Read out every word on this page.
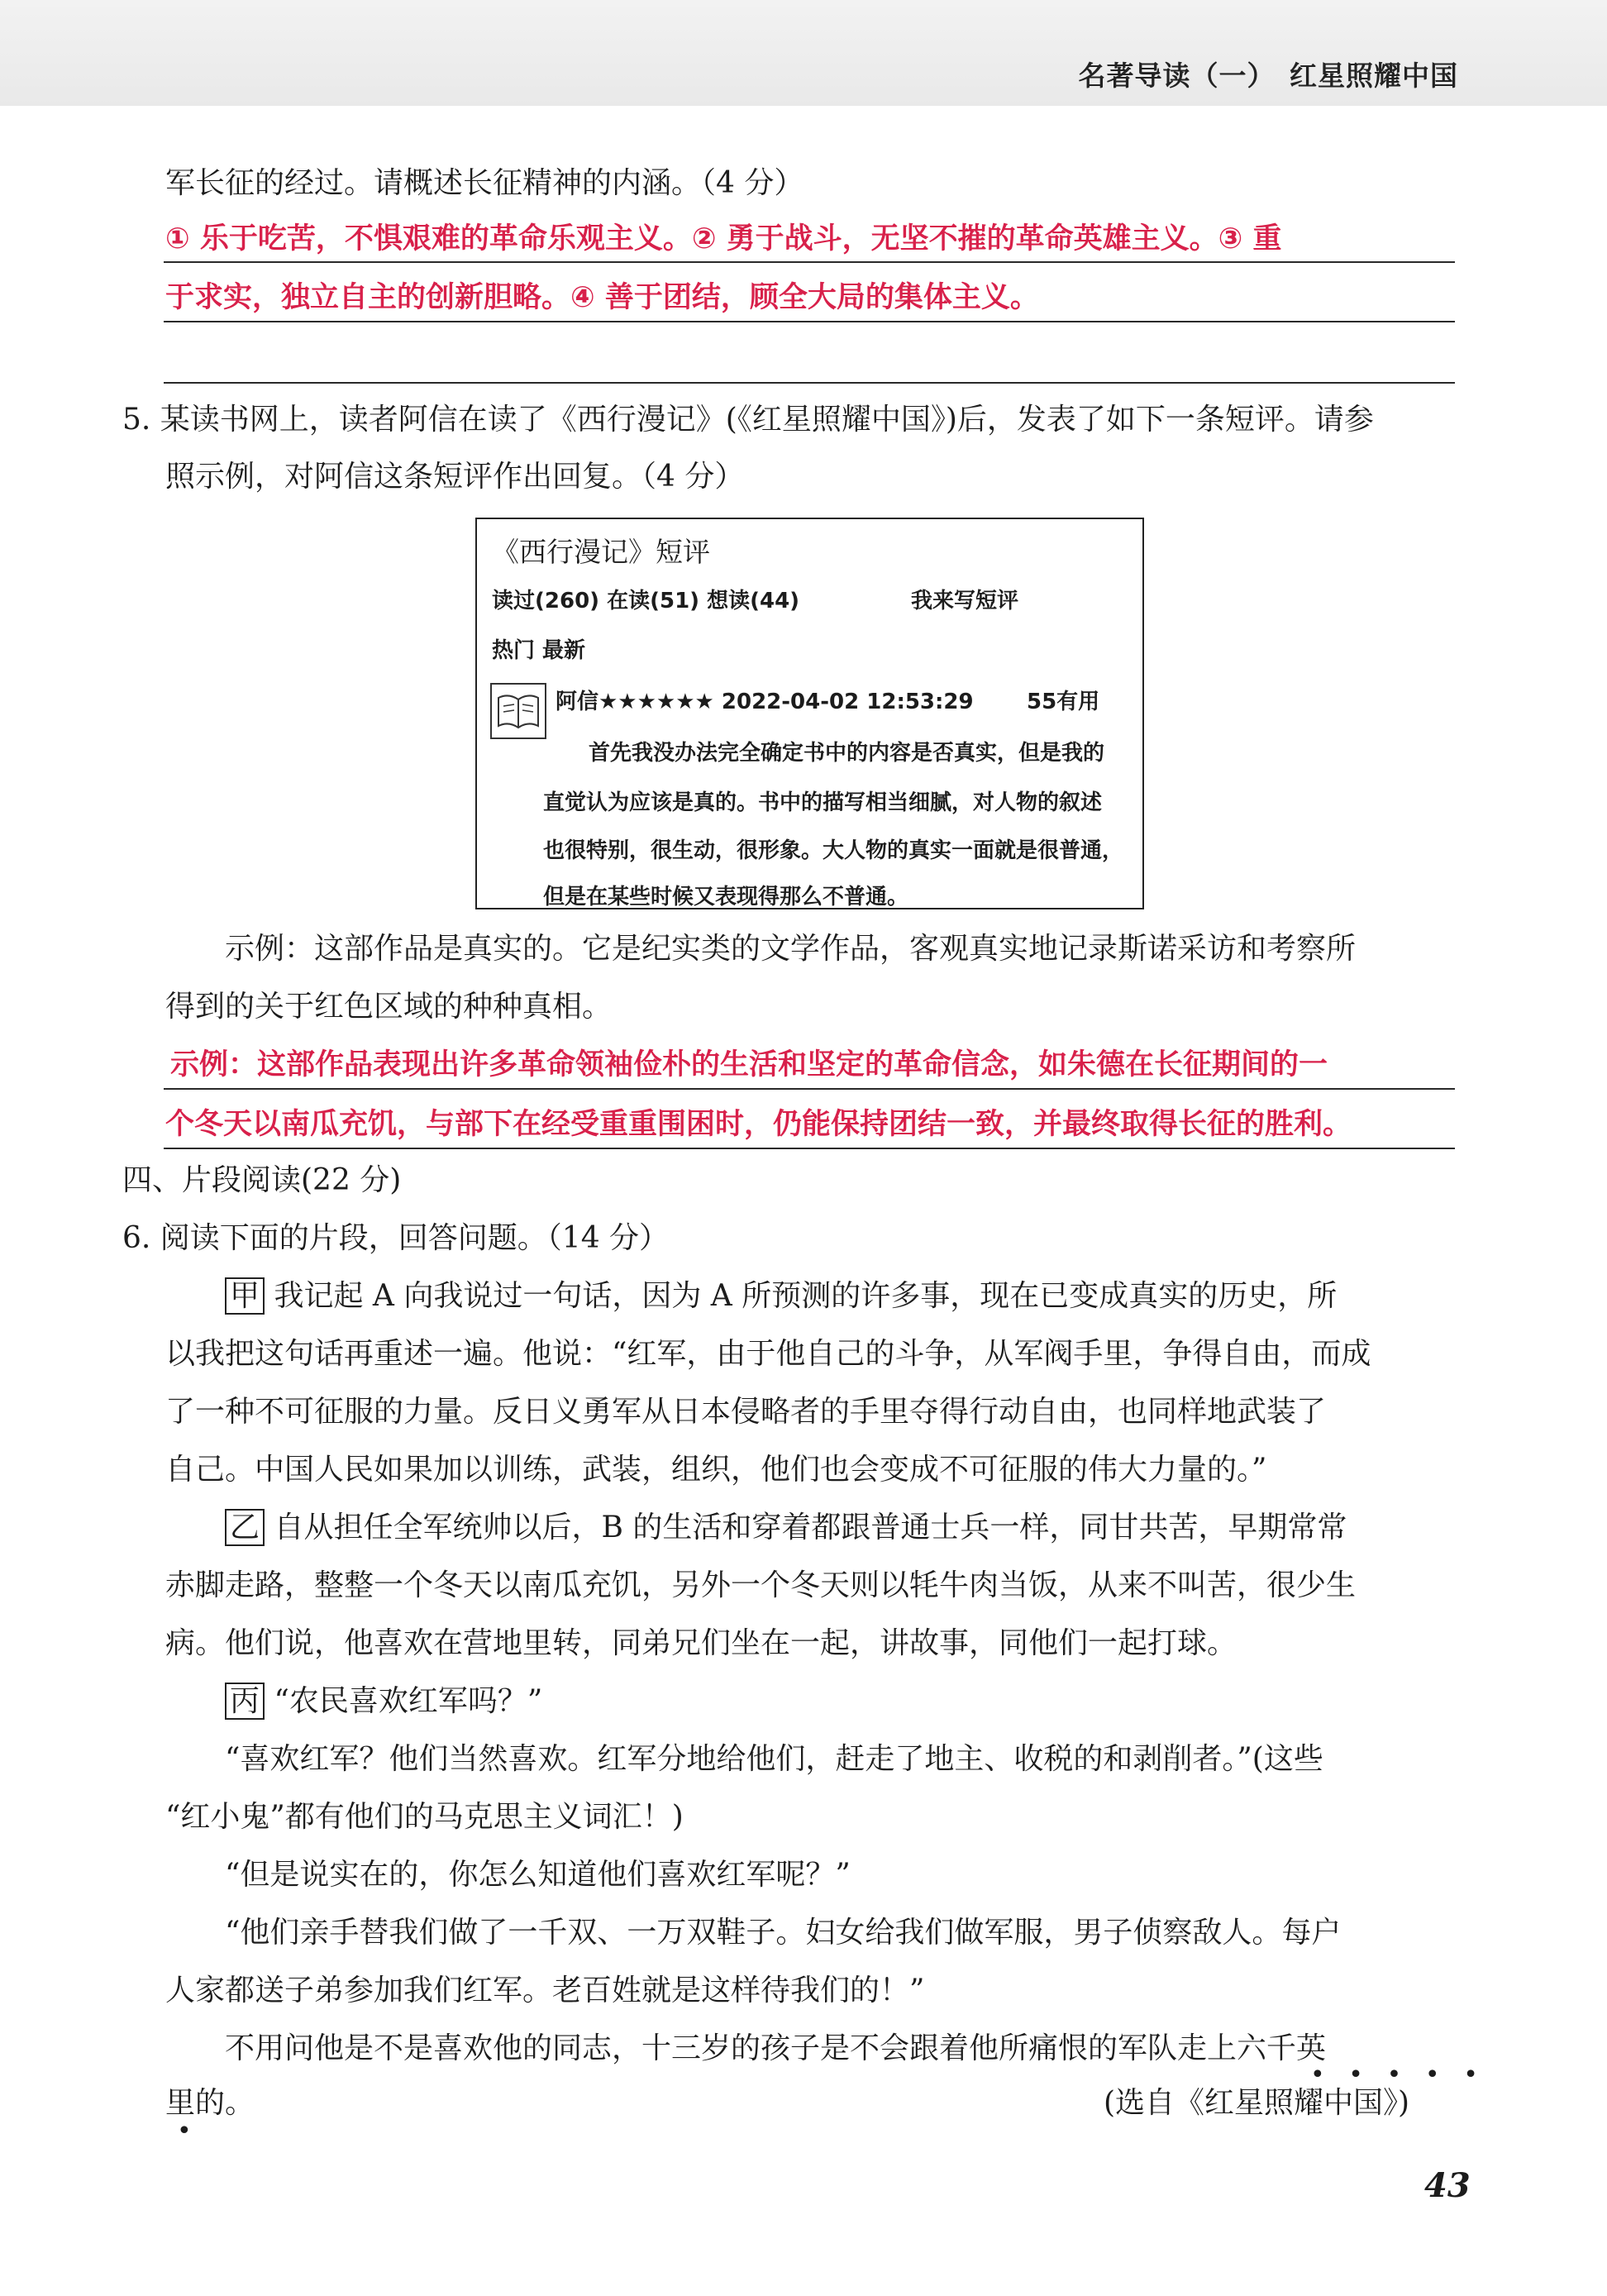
名著导读（一）　红星照耀中国
军长征的经过。请概述长征精神的内涵。（4 分）
① 乐于吃苦，不惧艰难的革命乐观主义。② 勇于战斗，无坚不摧的革命英雄主义。③ 重
于求实，独立自主的创新胆略。④ 善于团结，顾全大局的集体主义。
5. 某读书网上，读者阿信在读了《西行漫记》(《红星照耀中国》)后，发表了如下一条短评。请参
照示例，对阿信这条短评作出回复。（4 分）
《西行漫记》短评
读过(260) 在读(51) 想读(44)	我来写短评
热门 最新
阿信★★★★★★ 2022-04-02 12:53:29 55有用
首先我没办法完全确定书中的内容是否真实，但是我的
直觉认为应该是真的。书中的描写相当细腻，对人物的叙述
也很特别，很生动，很形象。大人物的真实一面就是很普通，
但是在某些时候又表现得那么不普通。
示例：这部作品是真实的。它是纪实类的文学作品，客观真实地记录斯诺采访和考察所
得到的关于红色区域的种种真相。
示例：这部作品表现出许多革命领袖俭朴的生活和坚定的革命信念，如朱德在长征期间的一
个冬天以南瓜充饥，与部下在经受重重围困时，仍能保持团结一致，并最终取得长征的胜利。
四、片段阅读(22 分)
6. 阅读下面的片段，回答问题。（14 分）
甲 我记起 A 向我说过一句话，因为 A 所预测的许多事，现在已变成真实的历史，所
以我把这句话再重述一遍。他说：“红军，由于他自己的斗争，从军阀手里，争得自由，而成
了一种不可征服的力量。反日义勇军从日本侵略者的手里夺得行动自由，也同样地武装了
自己。中国人民如果加以训练，武装，组织，他们也会变成不可征服的伟大力量的。”
乙 自从担任全军统帅以后，B 的生活和穿着都跟普通士兵一样，同甘共苦，早期常常
赤脚走路，整整一个冬天以南瓜充饥，另外一个冬天则以牦牛肉当饭，从来不叫苦，很少生
病。他们说，他喜欢在营地里转，同弟兄们坐在一起，讲故事，同他们一起打球。
丙 “农民喜欢红军吗？”
“喜欢红军？他们当然喜欢。红军分地给他们，赶走了地主、收税的和剥削者。”(这些
“红小鬼”都有他们的马克思主义词汇！)
“但是说实在的，你怎么知道他们喜欢红军呢？”
“他们亲手替我们做了一千双、一万双鞋子。妇女给我们做军服，男子侦察敌人。每户
人家都送子弟参加我们红军。老百姓就是这样待我们的！”
不用问他是不是喜欢他的同志，十三岁的孩子是不会跟着他所痛恨的军队走上六千英
•   •   •   •   •
里的。
•
(选自《红星照耀中国》)
43
